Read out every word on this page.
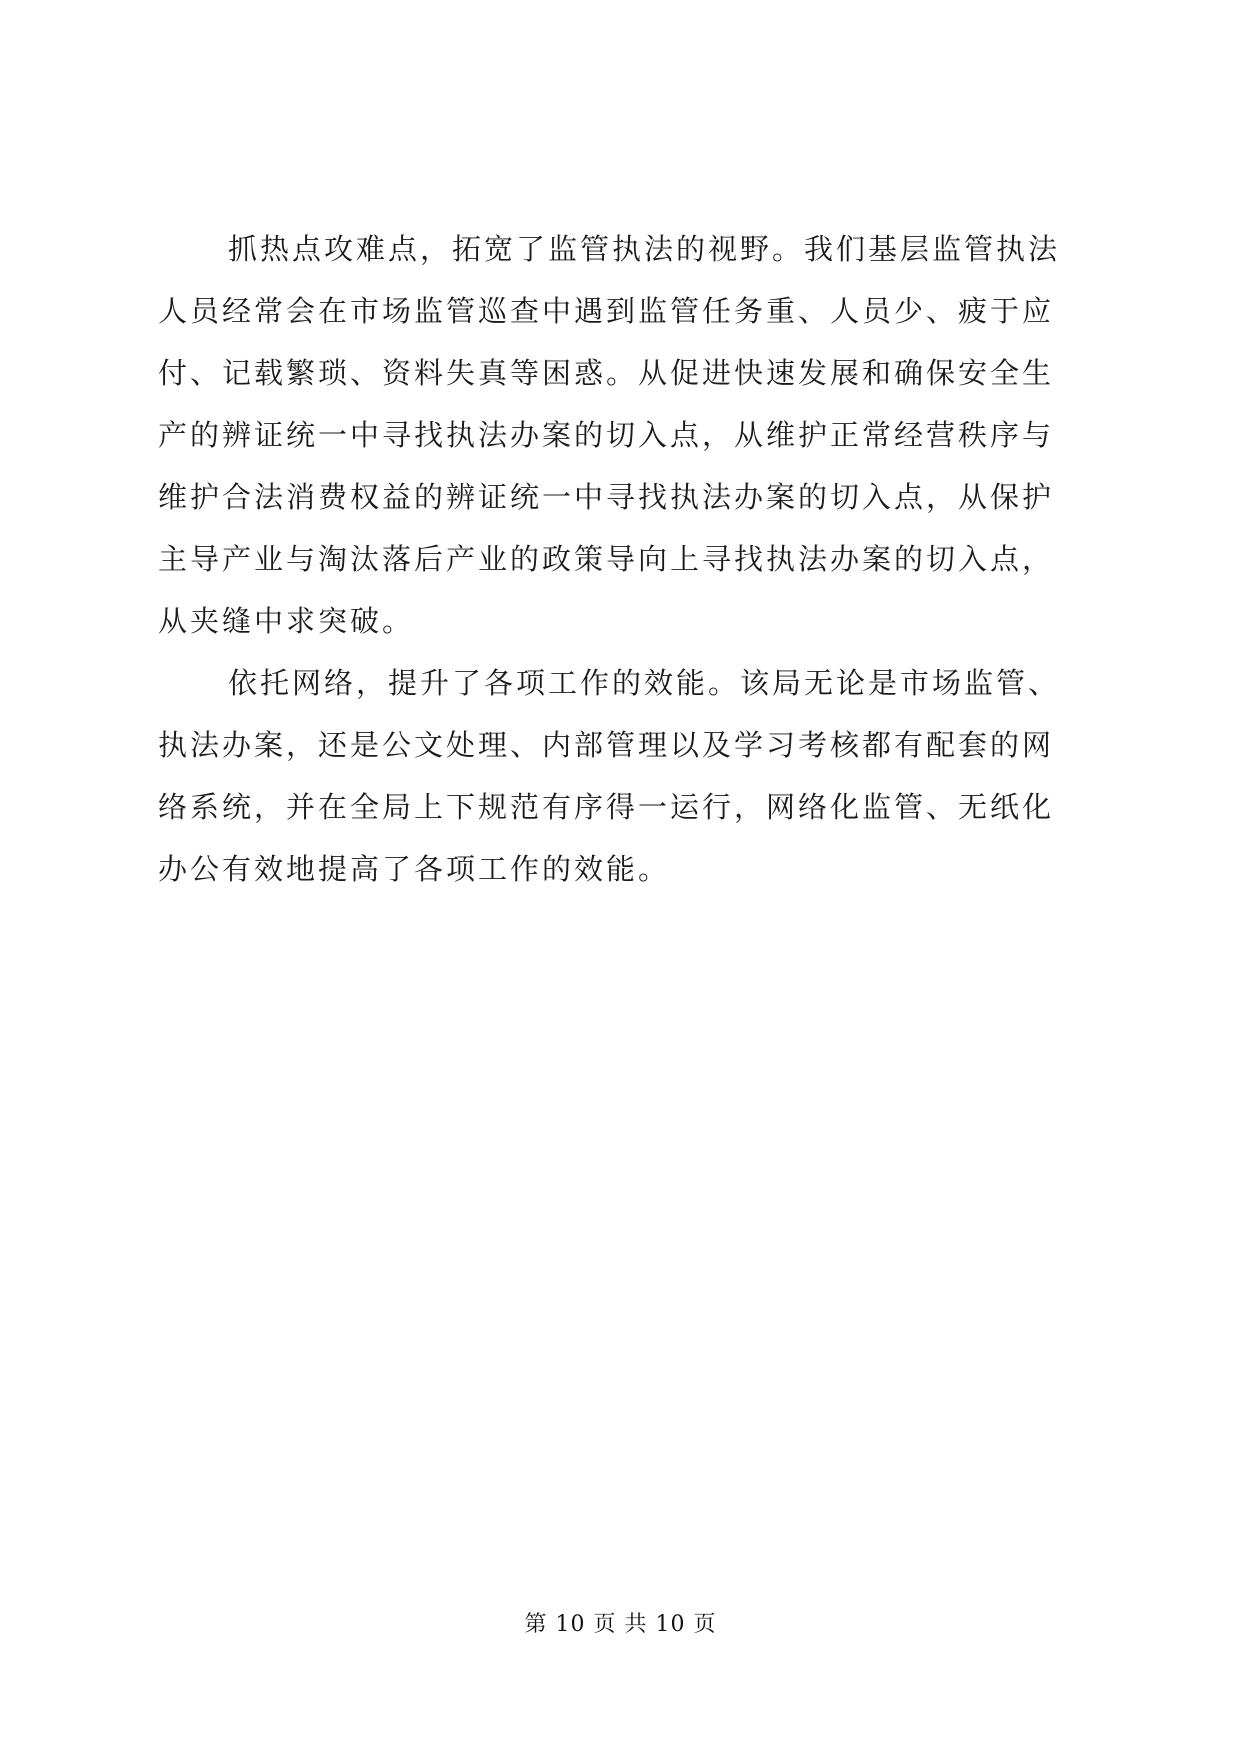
抓热点攻难点，拓宽了监管执法的视野。我们基层监管执法
人员经常会在市场监管巡查中遇到监管任务重、人员少、疲于应
付、记载繁琐、资料失真等困惑。从促进快速发展和确保安全生
产的辨证统一中寻找执法办案的切入点，从维护正常经营秩序与
维护合法消费权益的辨证统一中寻找执法办案的切入点，从保护
主导产业与淘汰落后产业的政策导向上寻找执法办案的切入点，
从夹缝中求突破。
依托网络，提升了各项工作的效能。该局无论是市场监管、
执法办案，还是公文处理、内部管理以及学习考核都有配套的网
络系统，并在全局上下规范有序得一运行，网络化监管、无纸化
办公有效地提高了各项工作的效能。
第 10 页 共 10 页
